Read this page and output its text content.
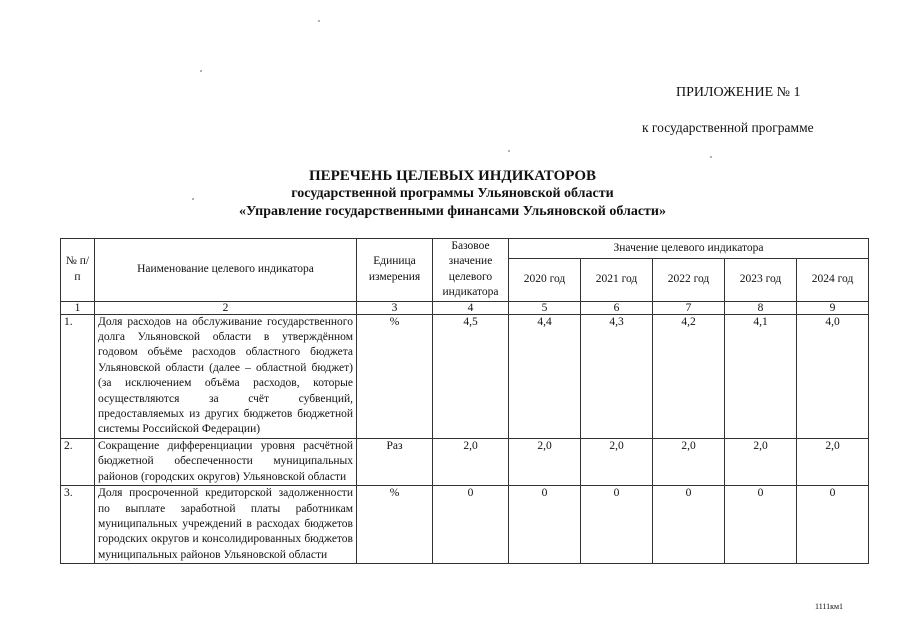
ПРИЛОЖЕНИЕ № 1
к государственной программе
ПЕРЕЧЕНЬ ЦЕЛЕВЫХ ИНДИКАТОРОВ
государственной программы Ульяновской области
«Управление государственными финансами Ульяновской области»
№ п/п	Наименование целевого индикатора	Единица измерения	Базовое значение целевого индикатора	Значение целевого индикатора				
				2020 год	2021 год	2022 год	2023 год	2024 год
1	2	3	4	5	6	7	8	9
1.	Доля расходов на обслуживание государственного долга Ульяновской области в утверждённом годовом объёме расходов областного бюджета Ульяновской области (далее – областной бюджет) (за исключением объёма расходов, которые осуществляются за счёт субвенций, предоставляемых из других бюджетов бюджетной системы Российской Федерации)	%	4,5	4,4	4,3	4,2	4,1	4,0
2.	Сокращение дифференциации уровня расчётной бюджетной обеспеченности муниципальных районов (городских округов) Ульяновской области	Раз	2,0	2,0	2,0	2,0	2,0	2,0
3.	Доля просроченной кредиторской задолженности по выплате заработной платы работникам муниципальных учреждений в расходах бюджетов городских округов и консолидированных бюджетов муниципальных районов Ульяновской области	%	0	0	0	0	0	0
1111км1
